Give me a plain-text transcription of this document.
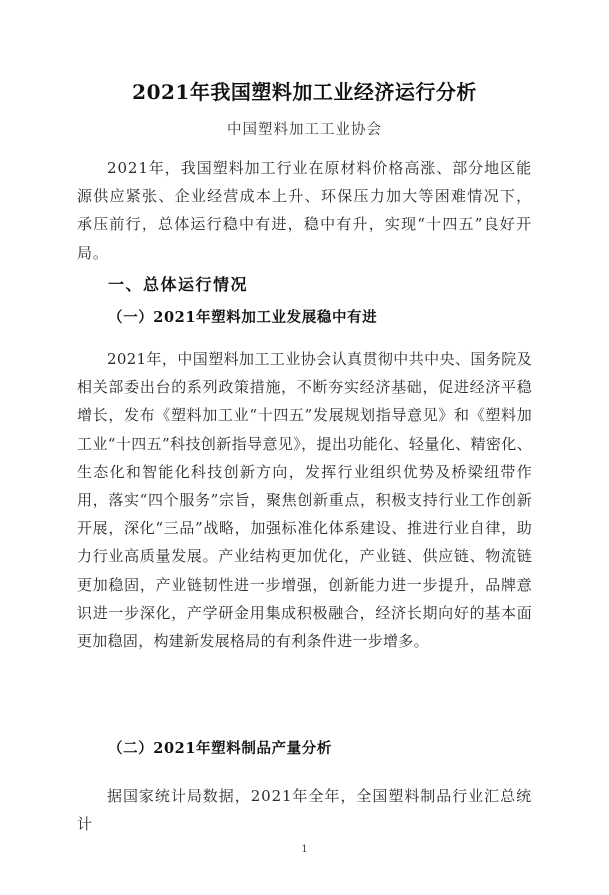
2021年我国塑料加工业经济运行分析
中国塑料加工工业协会

2021年，我国塑料加工行业在原材料价格高涨、部分地区能源供应紧张、企业经营成本上升、环保压力加大等困难情况下，承压前行，总体运行稳中有进，稳中有升，实现“十四五”良好开局。

一、总体运行情况
（一）2021年塑料加工业发展稳中有进

2021年，中国塑料加工工业协会认真贯彻中共中央、国务院及相关部委出台的系列政策措施，不断夯实经济基础，促进经济平稳增长，发布《塑料加工业“十四五”发展规划指导意见》和《塑料加工业“十四五”科技创新指导意见》，提出功能化、轻量化、精密化、生态化和智能化科技创新方向，发挥行业组织优势及桥梁纽带作用，落实“四个服务”宗旨，聚焦创新重点，积极支持行业工作创新开展，深化“三品”战略，加强标准化体系建设、推进行业自律，助力行业高质量发展。产业结构更加优化，产业链、供应链、物流链更加稳固，产业链韧性进一步增强，创新能力进一步提升，品牌意识进一步深化，产学研金用集成积极融合，经济长期向好的基本面更加稳固，构建新发展格局的有利条件进一步增多。

（二）2021年塑料制品产量分析

据国家统计局数据，2021年全年，全国塑料制品行业汇总统计

1
